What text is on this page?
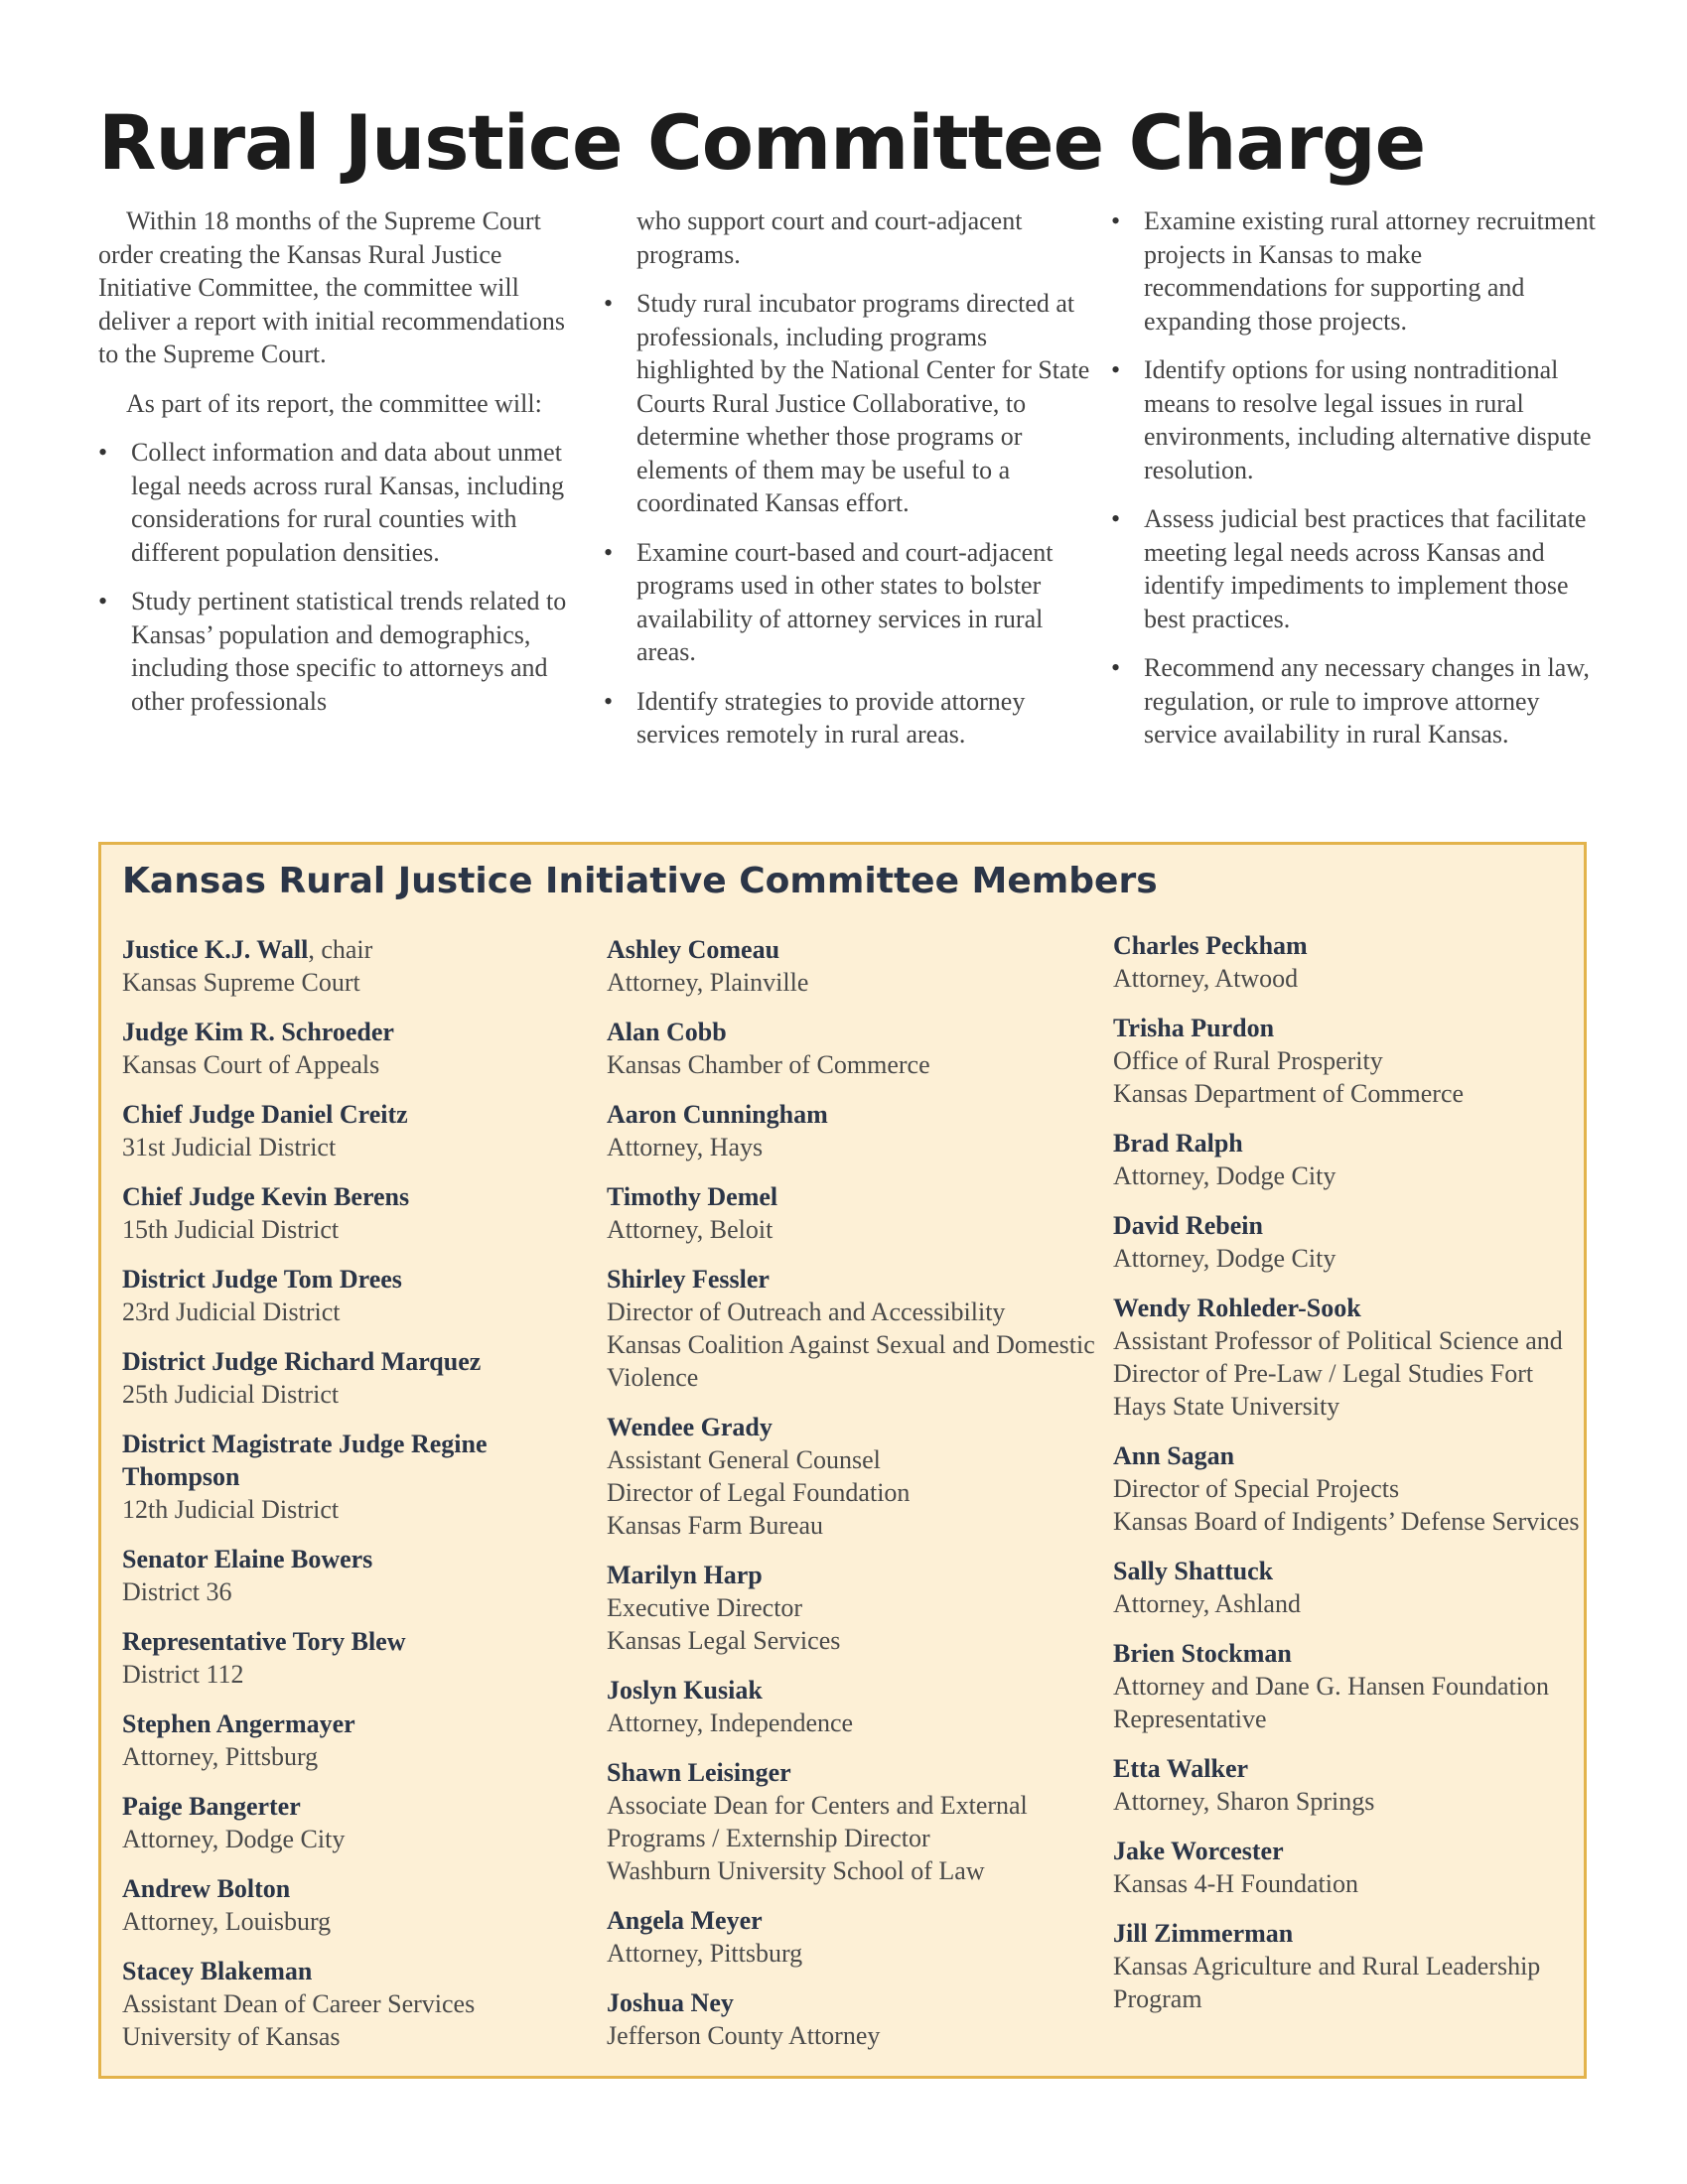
Rural Justice Committee Charge

Within 18 months of the Supreme Court order creating the Kansas Rural Justice Initiative Committee, the committee will deliver a report with initial recommendations to the Supreme Court.

As part of its report, the committee will:

• Collect information and data about unmet legal needs across rural Kansas, including considerations for rural counties with different population densities.
• Study pertinent statistical trends related to Kansas’ population and demographics, including those specific to attorneys and other professionals

who support court and court-adjacent programs.

• Study rural incubator programs directed at professionals, including programs highlighted by the National Center for State Courts Rural Justice Collaborative, to determine whether those programs or elements of them may be useful to a coordinated Kansas effort.
• Examine court-based and court-adjacent programs used in other states to bolster availability of attorney services in rural areas.
• Identify strategies to provide attorney services remotely in rural areas.
• Examine existing rural attorney recruitment projects in Kansas to make recommendations for supporting and expanding those projects.
• Identify options for using nontraditional means to resolve legal issues in rural environments, including alternative dispute resolution.
• Assess judicial best practices that facilitate meeting legal needs across Kansas and identify impediments to implement those best practices.
• Recommend any necessary changes in law, regulation, or rule to improve attorney service availability in rural Kansas.
Kansas Rural Justice Initiative Committee Members
Justice K.J. Wall, chair
Kansas Supreme Court
Judge Kim R. Schroeder
Kansas Court of Appeals
Chief Judge Daniel Creitz
31st Judicial District
Chief Judge Kevin Berens
15th Judicial District
District Judge Tom Drees
23rd Judicial District
District Judge Richard Marquez
25th Judicial District
District Magistrate Judge Regine Thompson
12th Judicial District
Senator Elaine Bowers
District 36
Representative Tory Blew
District 112
Stephen Angermayer
Attorney, Pittsburg
Paige Bangerter
Attorney, Dodge City
Andrew Bolton
Attorney, Louisburg
Stacey Blakeman
Assistant Dean of Career Services
University of Kansas
Ashley Comeau
Attorney, Plainville
Alan Cobb
Kansas Chamber of Commerce
Aaron Cunningham
Attorney, Hays
Timothy Demel
Attorney, Beloit
Shirley Fessler
Director of Outreach and Accessibility
Kansas Coalition Against Sexual and Domestic Violence
Wendee Grady
Assistant General Counsel
Director of Legal Foundation
Kansas Farm Bureau
Marilyn Harp
Executive Director
Kansas Legal Services
Joslyn Kusiak
Attorney, Independence
Shawn Leisinger
Associate Dean for Centers and External Programs / Externship Director
Washburn University School of Law
Angela Meyer
Attorney, Pittsburg
Joshua Ney
Jefferson County Attorney
Charles Peckham
Attorney, Atwood
Trisha Purdon
Office of Rural Prosperity
Kansas Department of Commerce
Brad Ralph
Attorney, Dodge City
David Rebein
Attorney, Dodge City
Wendy Rohleder-Sook
Assistant Professor of Political Science and Director of Pre-Law / Legal Studies Fort Hays State University
Ann Sagan
Director of Special Projects
Kansas Board of Indigents’ Defense Services
Sally Shattuck
Attorney, Ashland
Brien Stockman
Attorney and Dane G. Hansen Foundation Representative
Etta Walker
Attorney, Sharon Springs
Jake Worcester
Kansas 4-H Foundation
Jill Zimmerman
Kansas Agriculture and Rural Leadership Program
